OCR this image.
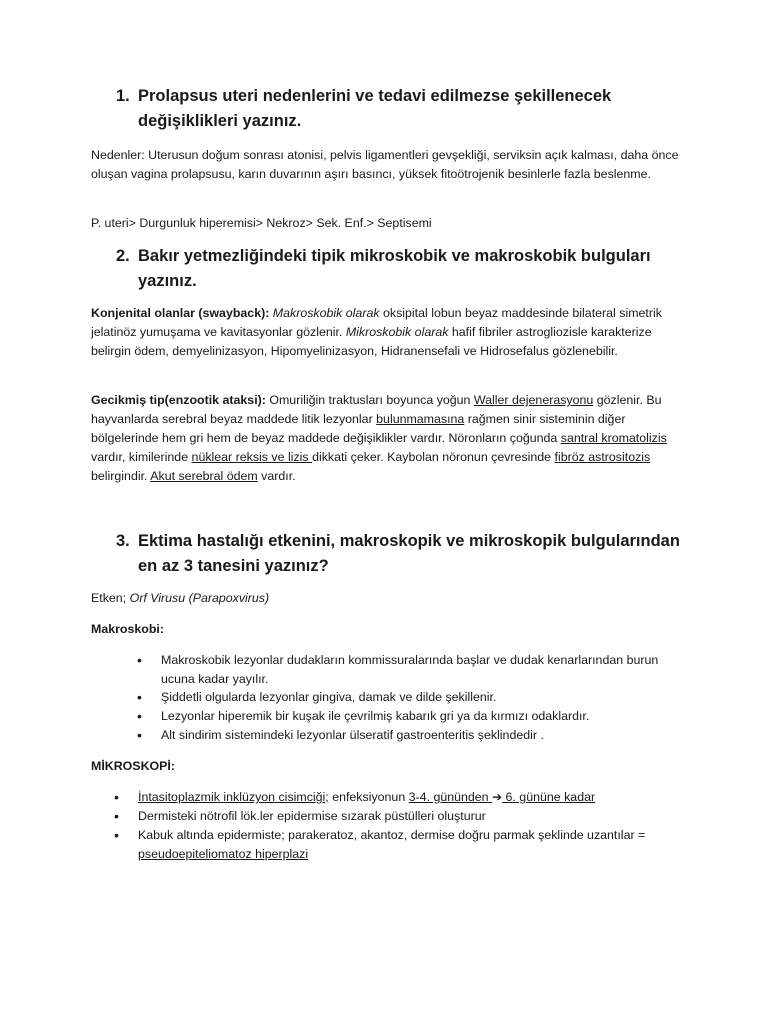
1. Prolapsus uteri nedenlerini ve tedavi edilmezse şekillenecek değişiklikleri yazınız.
Nedenler: Uterusun doğum sonrası atonisi, pelvis ligamentleri gevşekliği, serviksin açık kalması, daha önce oluşan vagina prolapsusu, karın duvarının aşırı basıncı, yüksek fitoötrojenik besinlerle fazla beslenme.
P. uteri> Durgunluk hiperemisi> Nekroz> Sek. Enf.> Septisemi
2. Bakır yetmezliğindeki tipik mikroskobik ve makroskobik bulguları yazınız.
Konjenital olanlar (swayback): Makroskobik olarak oksipital lobun beyaz maddesinde bilateral simetrik jelatinöz yumuşama ve kavitasyonlar gözlenir. Mikroskobik olarak hafif fibriler astrogliozisle karakterize belirgin ödem, demyelinizasyon, Hipomyelinizasyon, Hidranensefali ve Hidrosefalus gözlenebilir.
Gecikmiş tip(enzootik ataksi): Omuriliğin traktusları boyunca yoğun Waller dejenerasyonu gözlenir. Bu hayvanlarda serebral beyaz maddede litik lezyonlar bulunmamasına rağmen sinir sisteminin diğer bölgelerinde hem gri hem de beyaz maddede değişiklikler vardır. Nöronların çoğunda santral kromatolizis vardır, kimilerinde nüklear reksis ve lizis dikkati çeker. Kaybolan nöronun çevresinde fibröz astrositozis belirgindir. Akut serebral ödem vardır.
3. Ektima hastalığı etkenini, makroskopik ve mikroskopik bulgularından en az 3 tanesini yazınız?
Etken; Orf Virusu (Parapoxvirus)
Makroskobi:
• Makroskobik lezyonlar dudakların kommissuralarında başlar ve dudak kenarlarından burun ucuna kadar yayılır.
• Şiddetli olgularda lezyonlar gingiva, damak ve dilde şekillenir.
• Lezyonlar hiperemik bir kuşak ile çevrilmiş kabarık gri ya da kırmızı odaklardır.
• Alt sindirim sistemindeki lezyonlar ülseratif gastroenteritis şeklindedir .
MİKROSKOPİ:
• İntasitoplazmik inklüzyon cisimciği; enfeksiyonun 3-4. gününden ➔ 6. gününe kadar
• Dermisteki nötrofil lök.ler epidermise sızarak püstülleri oluşturur
• Kabuk altında epidermiste; parakeratoz, akantoz, dermise doğru parmak şeklinde uzantılar = pseudoepiteliomatoz hiperplazi
